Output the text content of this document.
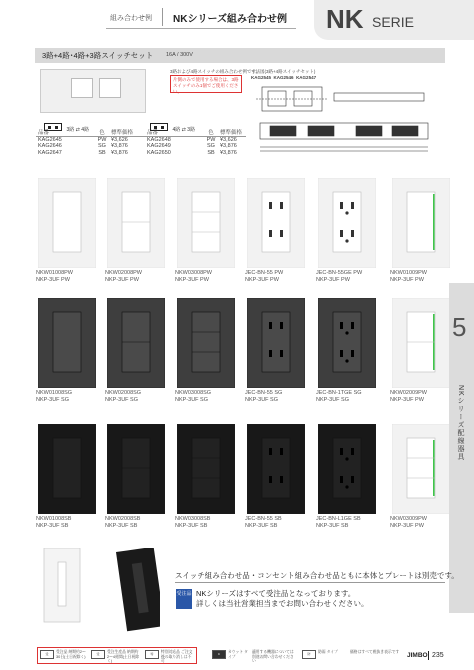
組み合わせ例 NKシリーズ組み合わせ例 NK SERIE
3路+4路･4路+3路スイッチセット 16A / 300V
3路および4路スイッチの組み合わせ例です。
片側のみで使用する場合は、3路スイッチのみ1個でご使用ください。
寸法図(3路+4路スイッチセット)
KAG2545 KAG2546 KAG2547
3路 ⇄ 4路	4路 ⇄ 3路
品番	色	標準価格
KAG2645	PW ¥3,626
KAG2646	SG ¥3,876
KAG2647	SB ¥3,876
品番	色	標準価格
KAG2648	PW ¥3,626
KAG2649	SG ¥3,876
KAG2650	SB ¥3,876
NKW01008PW
NKP-3UF PW
NKW02008PW
NKP-3UF PW
NKW03008PW
NKP-3UF PW
JEC-BN-55 PW
NKP-3UF PW
JEC-BN-55GE PW
NKP-3UF PW
NKW01009PW
NKP-3UF PW
NKW01008SG
NKP-3UF SG
NKW02008SG
NKP-3UF SG
NKW03008SG
NKP-3UF SG
JEC-BN-55 SG
NKP-3UF SG
JEC-BN-1TGE SG
NKP-3UF SG
NKW02009PW
NKP-3UF PW
NKW01008SB
NKP-3UF SB
NKW02008SB
NKP-3UF SB
NKW03008SB
NKP-3UF SB
JEC-BN-55 SB
NKP-3UF SB
JEC-BN-L1GE SB
NKP-3UF SB
NKW03009PW
NKP-3UF PW
5
NKシリーズ配線器具
スイッチ組み合わせ品・コンセント組み合わせ品ともに本体とプレートは別売です。
受注品 NKシリーズはすべて受注品となっております。
詳しくは当社営業担当までお問い合わせください。
受	受注品 納期約2〜30日(土日祝除く)
受	受注生産品 納期約2〜4週間(土日祝除く)
特	特別対応品 ご注文後の取り消しは不可
C	カウット タイプ
適用する機器については 別途お問い合わせください
防	防雨 タイプ	価格はすべて税抜き表示です JIMBO 235
